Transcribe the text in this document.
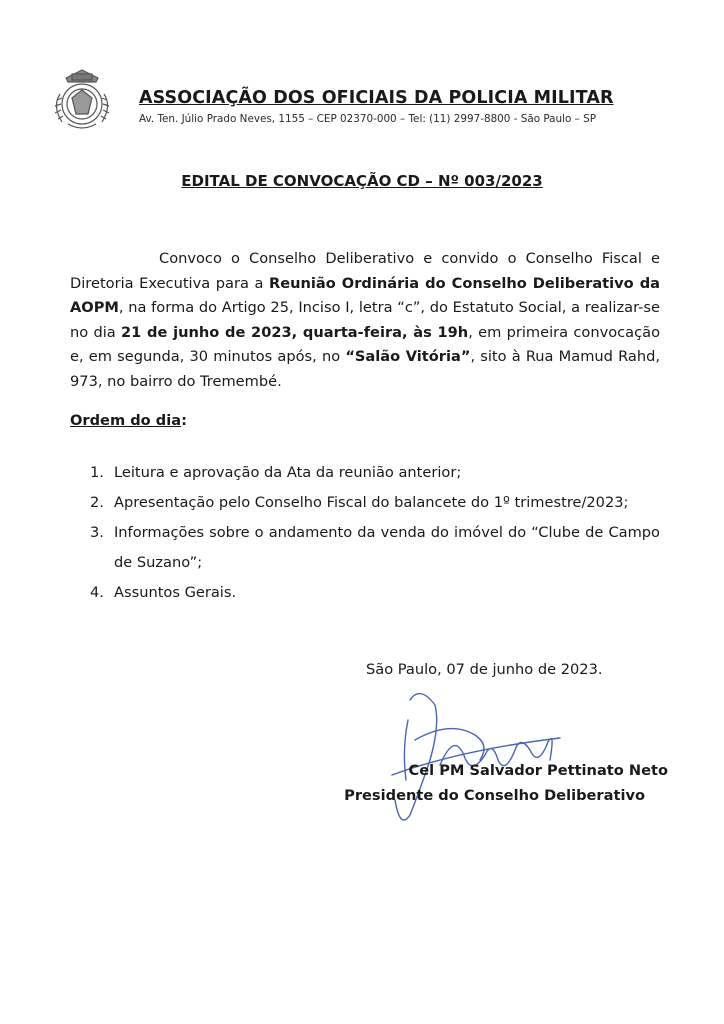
ASSOCIAÇÃO DOS OFICIAIS DA POLICIA MILITAR
Av. Ten. Júlio Prado Neves, 1155 – CEP 02370-000 – Tel: (11) 2997-8800 - São Paulo – SP
EDITAL DE CONVOCAÇÃO CD – Nº 003/2023
Convoco o Conselho Deliberativo e convido o Conselho Fiscal e Diretoria Executiva para a Reunião Ordinária do Conselho Deliberativo da AOPM, na forma do Artigo 25, Inciso I, letra “c”, do Estatuto Social, a realizar-se no dia 21 de junho de 2023, quarta-feira, às 19h, em primeira convocação e, em segunda, 30 minutos após, no “Salão Vitória”, sito à Rua Mamud Rahd, 973, no bairro do Tremembé.
Ordem do dia:
1. Leitura e aprovação da Ata da reunião anterior;
2. Apresentação pelo Conselho Fiscal do balancete do 1º trimestre/2023;
3. Informações sobre o andamento da venda do imóvel do “Clube de Campo de Suzano”;
4. Assuntos Gerais.
São Paulo, 07 de junho de 2023.
Cel PM Salvador Pettinato Neto
Presidente do Conselho Deliberativo
